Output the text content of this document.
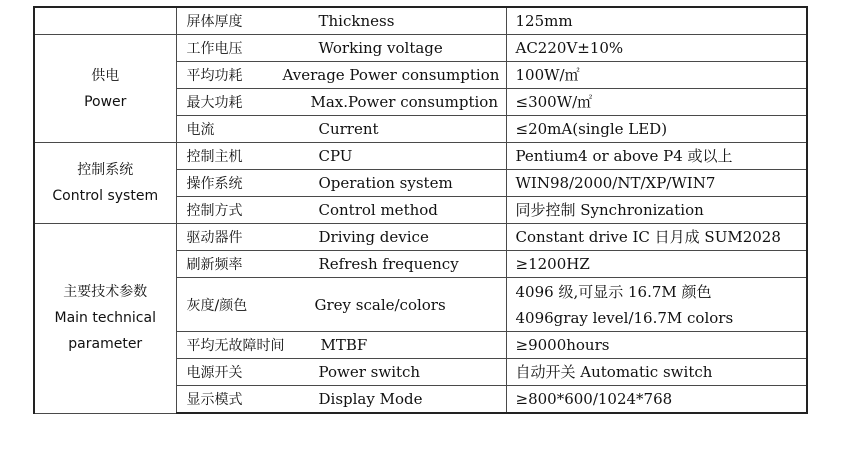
	屏体厚度 Thickness	125mm

供电
Power	工作电压 Working voltage	AC220V±10%
	平均功耗 Average Power consumption	100W/㎡
	最大功耗 Max.Power consumption	≤300W/㎡
	电流 Current	≤20mA(single LED)

控制系统
Control system	控制主机 CPU	Pentium4 or above P4 或以上
	操作系统 Operation system	WIN98/2000/NT/XP/WIN7
	控制方式 Control method	同步控制 Synchronization

主要技术参数
Main technical
parameter	驱动器件 Driving device	Constant drive IC 日月成 SUM2028
	刷新频率 Refresh frequency	≥1200HZ
	灰度/颜色 Grey scale/colors	4096 级,可显示 16.7M 颜色
4096gray level/16.7M colors

	平均无故障时间 MTBF	≥9000hours
	电源开关 Power switch	自动开关 Automatic switch
	显示模式 Display Mode	≥800*600/1024*768
